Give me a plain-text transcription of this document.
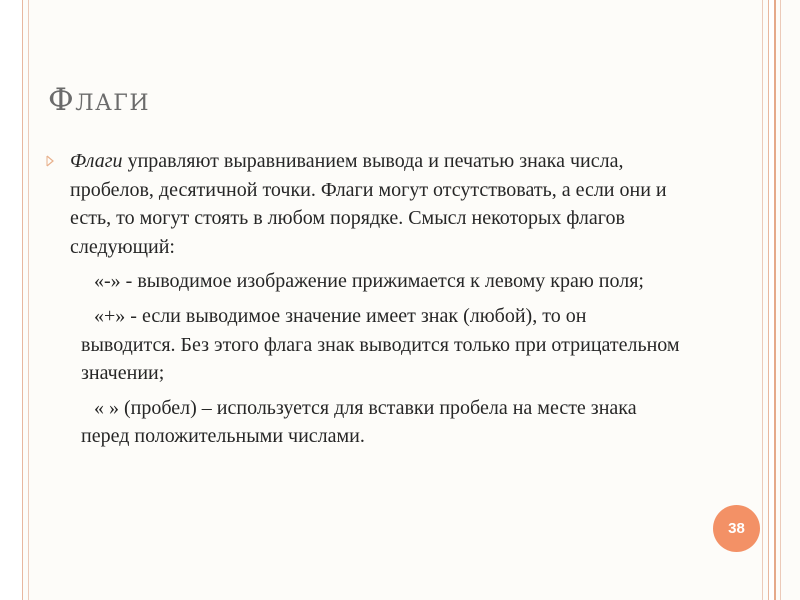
Флаги
Флаги управляют выравниванием вывода и печатью знака числа, пробелов, десятичной точки. Флаги могут отсутствовать, а если они и есть, то могут стоять в любом порядке. Смысл некоторых флагов следующий:
«-» - выводимое изображение прижимается к левому краю поля;
«+» - если выводимое значение имеет знак (любой), то он выводится. Без этого флага знак выводится только при отрицательном значении;
« » (пробел) – используется для вставки пробела на месте знака перед положительными числами.
38
